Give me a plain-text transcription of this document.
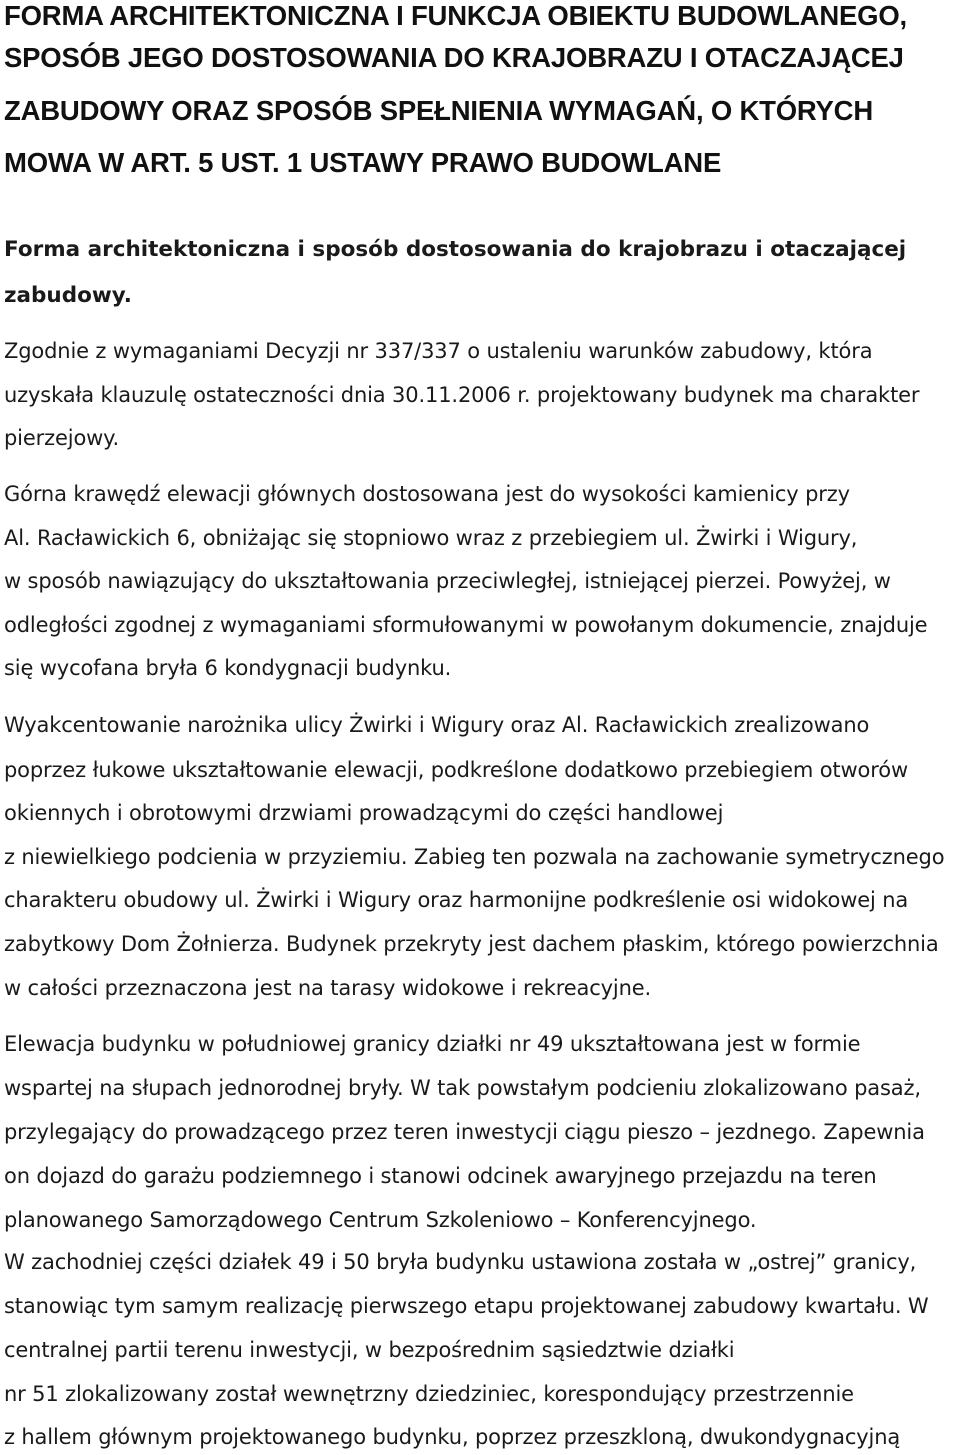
FORMA ARCHITEKTONICZNA I FUNKCJA OBIEKTU BUDOWLANEGO,
SPOSÓB JEGO DOSTOSOWANIA DO KRAJOBRAZU I OTACZAJĄCEJ
ZABUDOWY ORAZ SPOSÓB SPEŁNIENIA WYMAGAŃ, O KTÓRYCH
MOWA W ART. 5 UST. 1 USTAWY PRAWO BUDOWLANE
Forma architektoniczna i sposób dostosowania do krajobrazu i otaczającej
zabudowy.
Zgodnie z wymaganiami Decyzji nr 337/337 o ustaleniu warunków zabudowy, która
uzyskała klauzulę ostateczności dnia 30.11.2006 r. projektowany budynek ma charakter
pierzejowy.
Górna krawędź elewacji głównych dostosowana jest do wysokości kamienicy przy
Al. Racławickich 6, obniżając się stopniowo wraz z przebiegiem ul. Żwirki i Wigury,
w sposób nawiązujący do ukształtowania przeciwległej, istniejącej pierzei. Powyżej, w
odległości zgodnej z wymaganiami sformułowanymi w powołanym dokumencie, znajduje
się wycofana bryła 6 kondygnacji budynku.
Wyakcentowanie narożnika ulicy Żwirki i Wigury oraz Al. Racławickich zrealizowano
poprzez łukowe ukształtowanie elewacji, podkreślone dodatkowo przebiegiem otworów
okiennych i obrotowymi drzwiami prowadzącymi do części handlowej
z niewielkiego podcienia w przyziemiu. Zabieg ten pozwala na zachowanie symetrycznego
charakteru obudowy ul. Żwirki i Wigury oraz harmonijne podkreślenie osi widokowej na
zabytkowy Dom Żołnierza. Budynek przekryty jest dachem płaskim, którego powierzchnia
w całości przeznaczona jest na tarasy widokowe i rekreacyjne.
Elewacja budynku w południowej granicy działki nr 49 ukształtowana jest w formie
wspartej na słupach jednorodnej bryły. W tak powstałym podcieniu zlokalizowano pasaż,
przylegający do prowadzącego przez teren inwestycji ciągu pieszo – jezdnego. Zapewnia
on dojazd do garażu podziemnego i stanowi odcinek awaryjnego przejazdu na teren
planowanego Samorządowego Centrum Szkoleniowo – Konferencyjnego.
W zachodniej części działek 49 i 50 bryła budynku ustawiona została w „ostrej” granicy,
stanowiąc tym samym realizację pierwszego etapu projektowanej zabudowy kwartału. W
centralnej partii terenu inwestycji, w bezpośrednim sąsiedztwie działki
nr 51 zlokalizowany został wewnętrzny dziedziniec, korespondujący przestrzennie
z hallem głównym projektowanego budynku, poprzez przeszkloną, dwukondygnacyjną
